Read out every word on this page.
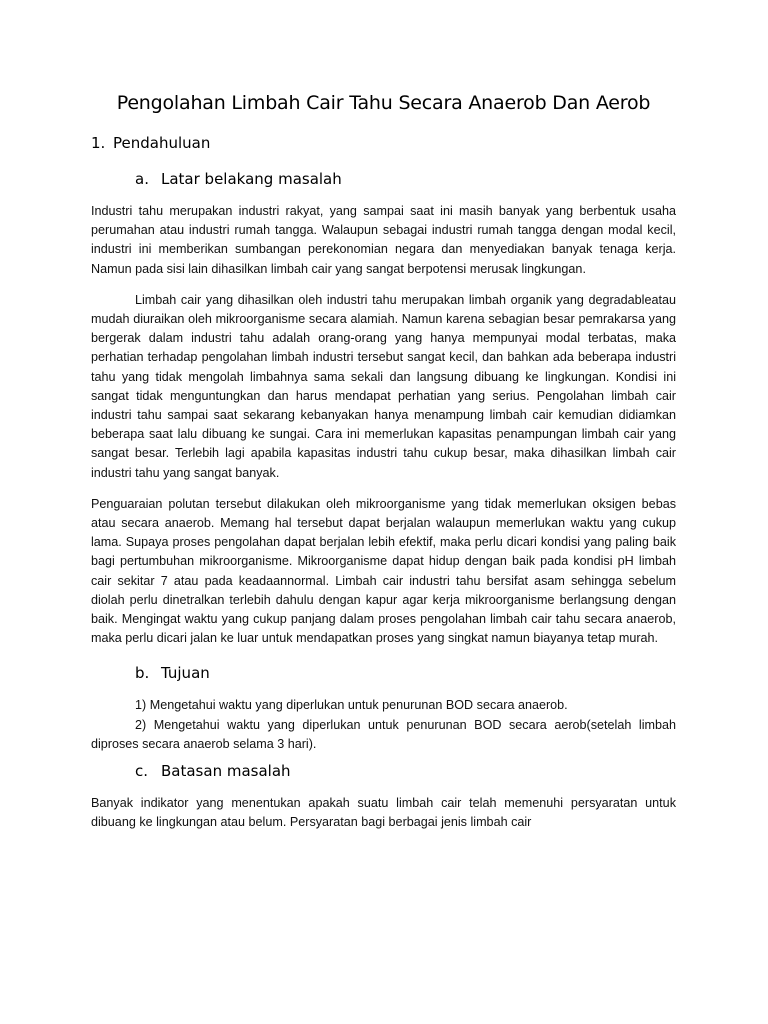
Pengolahan Limbah Cair Tahu Secara Anaerob Dan Aerob
1. Pendahuluan
a. Latar belakang masalah

Industri tahu merupakan industri rakyat, yang sampai saat ini masih banyak yang berbentuk usaha perumahan atau industri rumah tangga. Walaupun sebagai industri rumah tangga dengan modal kecil, industri ini memberikan sumbangan perekonomian negara dan menyediakan banyak tenaga kerja. Namun pada sisi lain dihasilkan limbah cair yang sangat berpotensi merusak lingkungan.

Limbah cair yang dihasilkan oleh industri tahu merupakan limbah organik yang degradableatau mudah diuraikan oleh mikroorganisme secara alamiah. Namun karena sebagian besar pemrakarsa yang bergerak dalam industri tahu adalah orang-orang yang hanya mempunyai modal terbatas, maka perhatian terhadap pengolahan limbah industri tersebut sangat kecil, dan bahkan ada beberapa industri tahu yang tidak mengolah limbahnya sama sekali dan langsung dibuang ke lingkungan. Kondisi ini sangat tidak menguntungkan dan harus mendapat perhatian yang serius. Pengolahan limbah cair industri tahu sampai saat sekarang kebanyakan hanya menampung limbah cair kemudian didiamkan beberapa saat lalu dibuang ke sungai. Cara ini memerlukan kapasitas penampungan limbah cair yang sangat besar. Terlebih lagi apabila kapasitas industri tahu cukup besar, maka dihasilkan limbah cair industri tahu yang sangat banyak.

Penguaraian polutan tersebut dilakukan oleh mikroorganisme yang tidak memerlukan oksigen bebas atau secara anaerob. Memang hal tersebut dapat berjalan walaupun memerlukan waktu yang cukup lama. Supaya proses pengolahan dapat berjalan lebih efektif, maka perlu dicari kondisi yang paling baik bagi pertumbuhan mikroorganisme. Mikroorganisme dapat hidup dengan baik pada kondisi pH limbah cair sekitar 7 atau pada keadaannormal. Limbah cair industri tahu bersifat asam sehingga sebelum diolah perlu dinetralkan terlebih dahulu dengan kapur agar kerja mikroorganisme berlangsung dengan baik. Mengingat waktu yang cukup panjang dalam proses pengolahan limbah cair tahu secara anaerob, maka perlu dicari jalan ke luar untuk mendapatkan proses yang singkat namun biayanya tetap murah.

b. Tujuan

1) Mengetahui waktu yang diperlukan untuk penurunan BOD secara anaerob.

2) Mengetahui waktu yang diperlukan untuk penurunan BOD secara aerob(setelah limbah diproses secara anaerob selama 3 hari).

c. Batasan masalah

Banyak indikator yang menentukan apakah suatu limbah cair telah memenuhi persyaratan untuk dibuang ke lingkungan atau belum. Persyaratan bagi berbagai jenis limbah cair
